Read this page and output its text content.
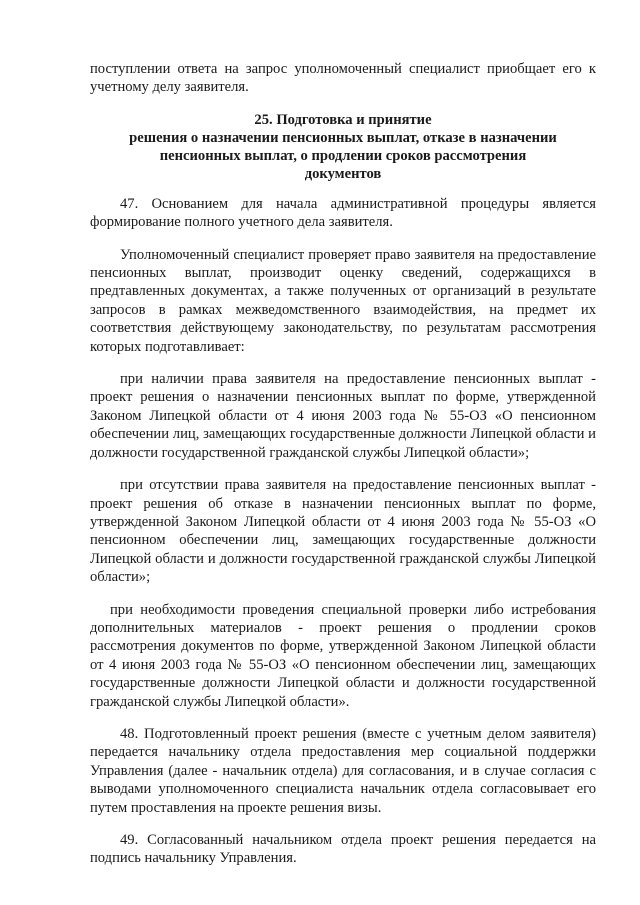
поступлении ответа на запрос уполномоченный специалист приобщает его к учетному делу заявителя.

25. Подготовка и принятие
решения о назначении пенсионных выплат, отказе в назначении
пенсионных выплат, о продлении сроков рассмотрения
документов

47. Основанием для начала административной процедуры является формирование полного учетного дела заявителя.

Уполномоченный специалист проверяет право заявителя на предоставление пенсионных выплат, производит оценку сведений, содержащихся в предтавленных документах, а также полученных от организаций в результате запросов в рамках межведомственного взаимодействия, на предмет их соответствия действующему законодательству, по результатам рассмотрения которых подготавливает:

при наличии права заявителя на предоставление пенсионных выплат - проект решения о назначении пенсионных выплат по форме, утвержденной Законом Липецкой области от 4 июня 2003 года № 55-ОЗ «О пенсионном обеспечении лиц, замещающих государственные должности Липецкой области и должности государственной гражданской службы Липецкой области»;

при отсутствии права заявителя на предоставление пенсионных выплат - проект решения об отказе в назначении пенсионных выплат по форме, утвержденной Законом Липецкой области от 4 июня 2003 года № 55-ОЗ «О пенсионном обеспечении лиц, замещающих государственные должности Липецкой области и должности государственной гражданской службы Липецкой области»;

при необходимости проведения специальной проверки либо истребования дополнительных материалов - проект решения о продлении сроков рассмотрения документов по форме, утвержденной Законом Липецкой области от 4 июня 2003 года № 55-ОЗ «О пенсионном обеспечении лиц, замещающих государственные должности Липецкой области и должности государственной гражданской службы Липецкой области».

48. Подготовленный проект решения (вместе с учетным делом заявителя) передается начальнику отдела предоставления мер социальной поддержки Управления (далее - начальник отдела) для согласования, и в случае согласия с выводами уполномоченного специалиста начальник отдела согласовывает его путем проставления на проекте решения визы.

49. Согласованный начальником отдела проект решения передается на подпись начальнику Управления.
